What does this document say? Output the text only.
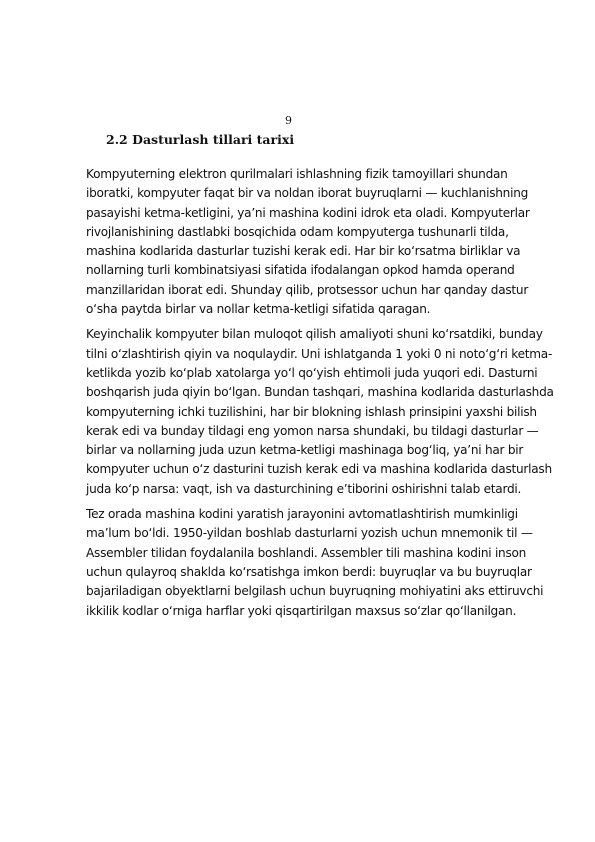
9
2.2 Dasturlash tillari tarixi

Kompyuterning elektron qurilmalari ishlashning fizik tamoyillari shundan iboratki, kompyuter faqat bir va noldan iborat buyruqlarni — kuchlanishning pasayishi ketma-ketligini, ya’ni mashina kodini idrok eta oladi. Kompyuterlar rivojlanishining dastlabki bosqichida odam kompyuterga tushunarli tilda, mashina kodlarida dasturlar tuzishi kerak edi. Har bir ko‘rsatma birliklar va nollarning turli kombinatsiyasi sifatida ifodalangan opkod hamda operand manzillaridan iborat edi. Shunday qilib, protsessor uchun har qanday dastur o‘sha paytda birlar va nollar ketma-ketligi sifatida qaragan.

Keyinchalik kompyuter bilan muloqot qilish amaliyoti shuni ko‘rsatdiki, bunday tilni o‘zlashtirish qiyin va noqulaydir. Uni ishlatganda 1 yoki 0 ni noto‘g‘ri ketma-ketlikda yozib ko‘plab xatolarga yo‘l qo‘yish ehtimoli juda yuqori edi. Dasturni boshqarish juda qiyin bo‘lgan. Bundan tashqari, mashina kodlarida dasturlashda kompyuterning ichki tuzilishini, har bir blokning ishlash prinsipini yaxshi bilish kerak edi va bunday tildagi eng yomon narsa shundaki, bu tildagi dasturlar — birlar va nollarning juda uzun ketma-ketligi mashinaga bog‘liq, ya’ni har bir kompyuter uchun o‘z dasturini tuzish kerak edi va mashina kodlarida dasturlash juda ko‘p narsa: vaqt, ish va dasturchining e’tiborini oshirishni talab etardi.

Tez orada mashina kodini yaratish jarayonini avtomatlashtirish mumkinligi ma’lum bo‘ldi. 1950-yildan boshlab dasturlarni yozish uchun mnemonik til — Assembler tilidan foydalanila boshlandi. Assembler tili mashina kodini inson uchun qulayroq shaklda ko‘rsatishga imkon berdi: buyruqlar va bu buyruqlar bajariladigan obyektlarni belgilash uchun buyruqning mohiyatini aks ettiruvchi ikkilik kodlar o‘rniga harflar yoki qisqartirilgan maxsus so‘zlar qo‘llanilgan.
